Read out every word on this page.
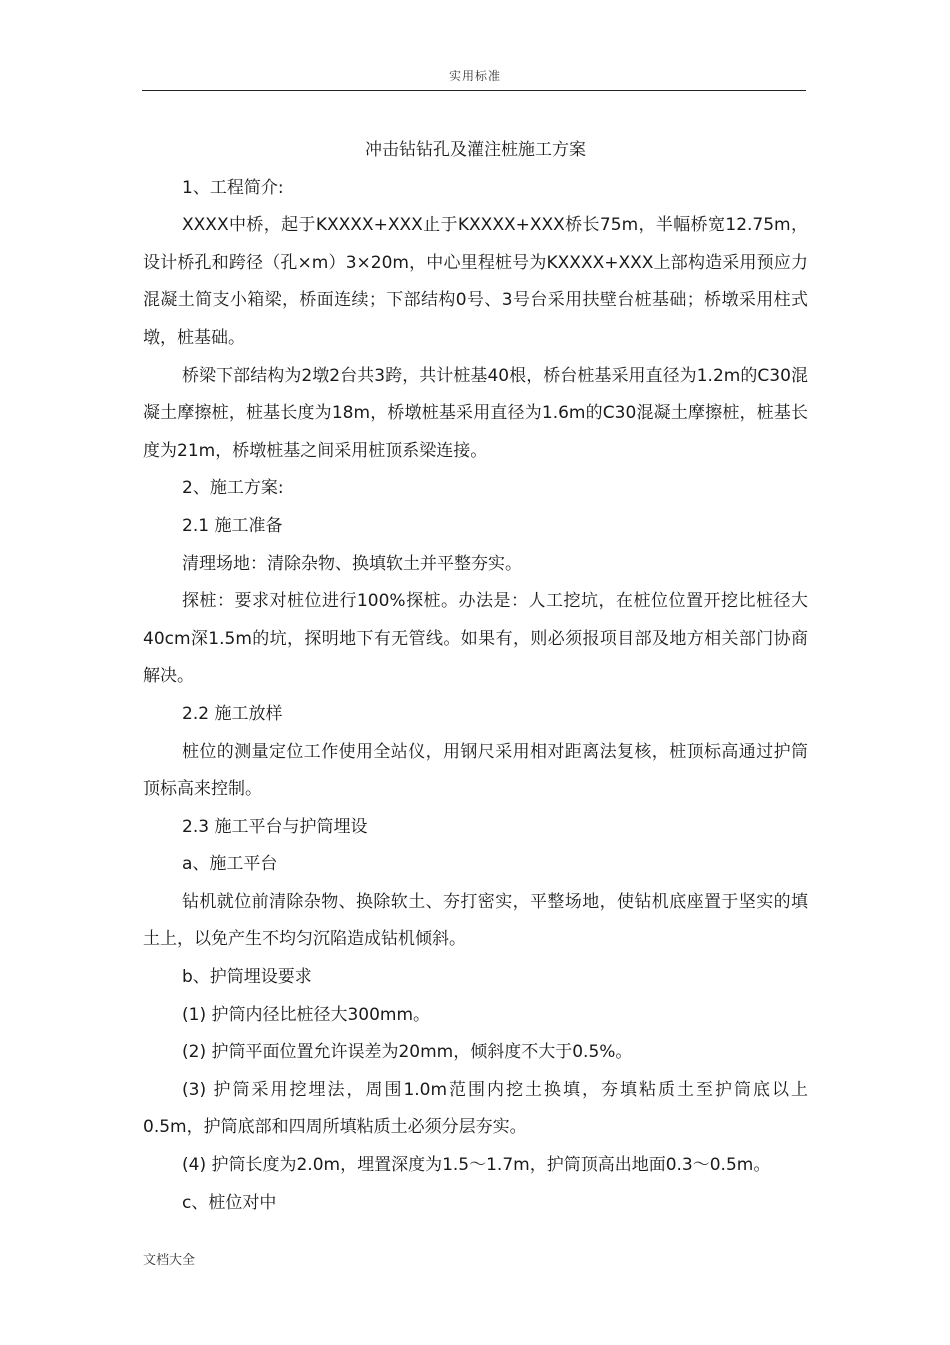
实用标准
冲击钻钻孔及灌注桩施工方案

1、工程简介:

XXXX中桥，起于KXXXX+XXX止于KXXXX+XXX桥长75m，半幅桥宽12.75m，设计桥孔和跨径（孔×m）3×20m，中心里程桩号为KXXXX+XXX上部构造采用预应力混凝土简支小箱梁，桥面连续；下部结构0号、3号台采用扶壁台桩基础；桥墩采用柱式墩，桩基础。

桥梁下部结构为2墩2台共3跨，共计桩基40根，桥台桩基采用直径为1.2m的C30混凝土摩擦桩，桩基长度为18m，桥墩桩基采用直径为1.6m的C30混凝土摩擦桩，桩基长度为21m，桥墩桩基之间采用桩顶系梁连接。

2、施工方案:

2.1 施工准备

清理场地：清除杂物、换填软土并平整夯实。

探桩：要求对桩位进行100%探桩。办法是：人工挖坑，在桩位位置开挖比桩径大40cm深1.5m的坑，探明地下有无管线。如果有，则必须报项目部及地方相关部门协商解决。

2.2 施工放样

桩位的测量定位工作使用全站仪，用钢尺采用相对距离法复核，桩顶标高通过护筒顶标高来控制。

2.3 施工平台与护筒埋设

a、施工平台

钻机就位前清除杂物、换除软土、夯打密实，平整场地，使钻机底座置于坚实的填土上，以免产生不均匀沉陷造成钻机倾斜。

b、护筒埋设要求

(1) 护筒内径比桩径大300mm。

(2) 护筒平面位置允许误差为20mm，倾斜度不大于0.5%。

(3) 护筒采用挖埋法，周围1.0m范围内挖土换填，夯填粘质土至护筒底以上0.5m，护筒底部和四周所填粘质土必须分层夯实。

(4) 护筒长度为2.0m，埋置深度为1.5～1.7m，护筒顶高出地面0.3～0.5m。

c、桩位对中

文档大全
